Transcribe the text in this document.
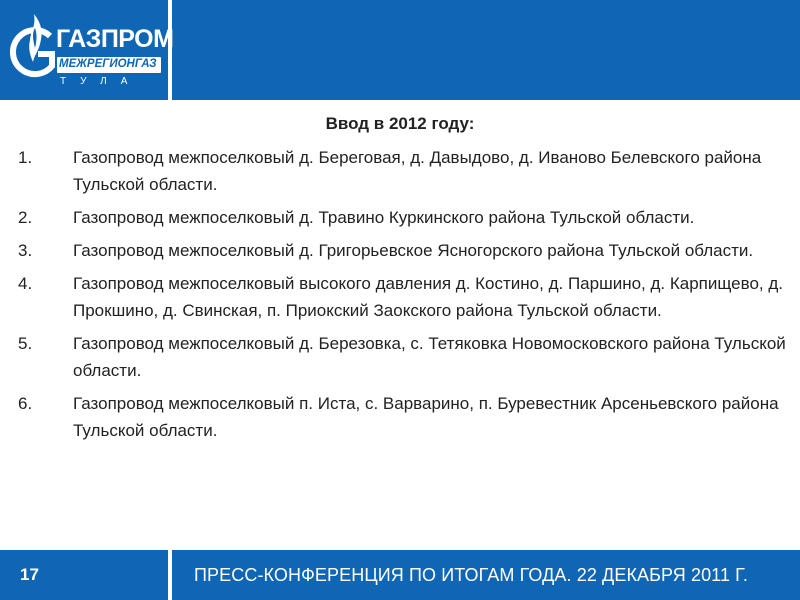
ГАЗПРОМ
МЕЖРЕГИОНГАЗ
ТУЛА
Ввод в 2012 году:
1.	Газопровод межпоселковый д. Береговая, д. Давыдово, д. Иваново Белевского района Тульской области.
2.	Газопровод межпоселковый д. Травино Куркинского района Тульской области.
3.	Газопровод межпоселковый д. Григорьевское Ясногорского района Тульской области.
4.	Газопровод межпоселковый высокого давления д. Костино, д. Паршино, д. Карпищево, д. Прокшино, д. Свинская, п. Приокский Заокского района Тульской области.
5.	Газопровод межпоселковый д. Березовка, с. Тетяковка Новомосковского района Тульской области.
6.	Газопровод межпоселковый п. Иста, с. Варварино, п. Буревестник Арсеньевского района Тульской области.
17	ПРЕСС-КОНФЕРЕНЦИЯ ПО ИТОГАМ ГОДА. 22 ДЕКАБРЯ 2011 Г.
